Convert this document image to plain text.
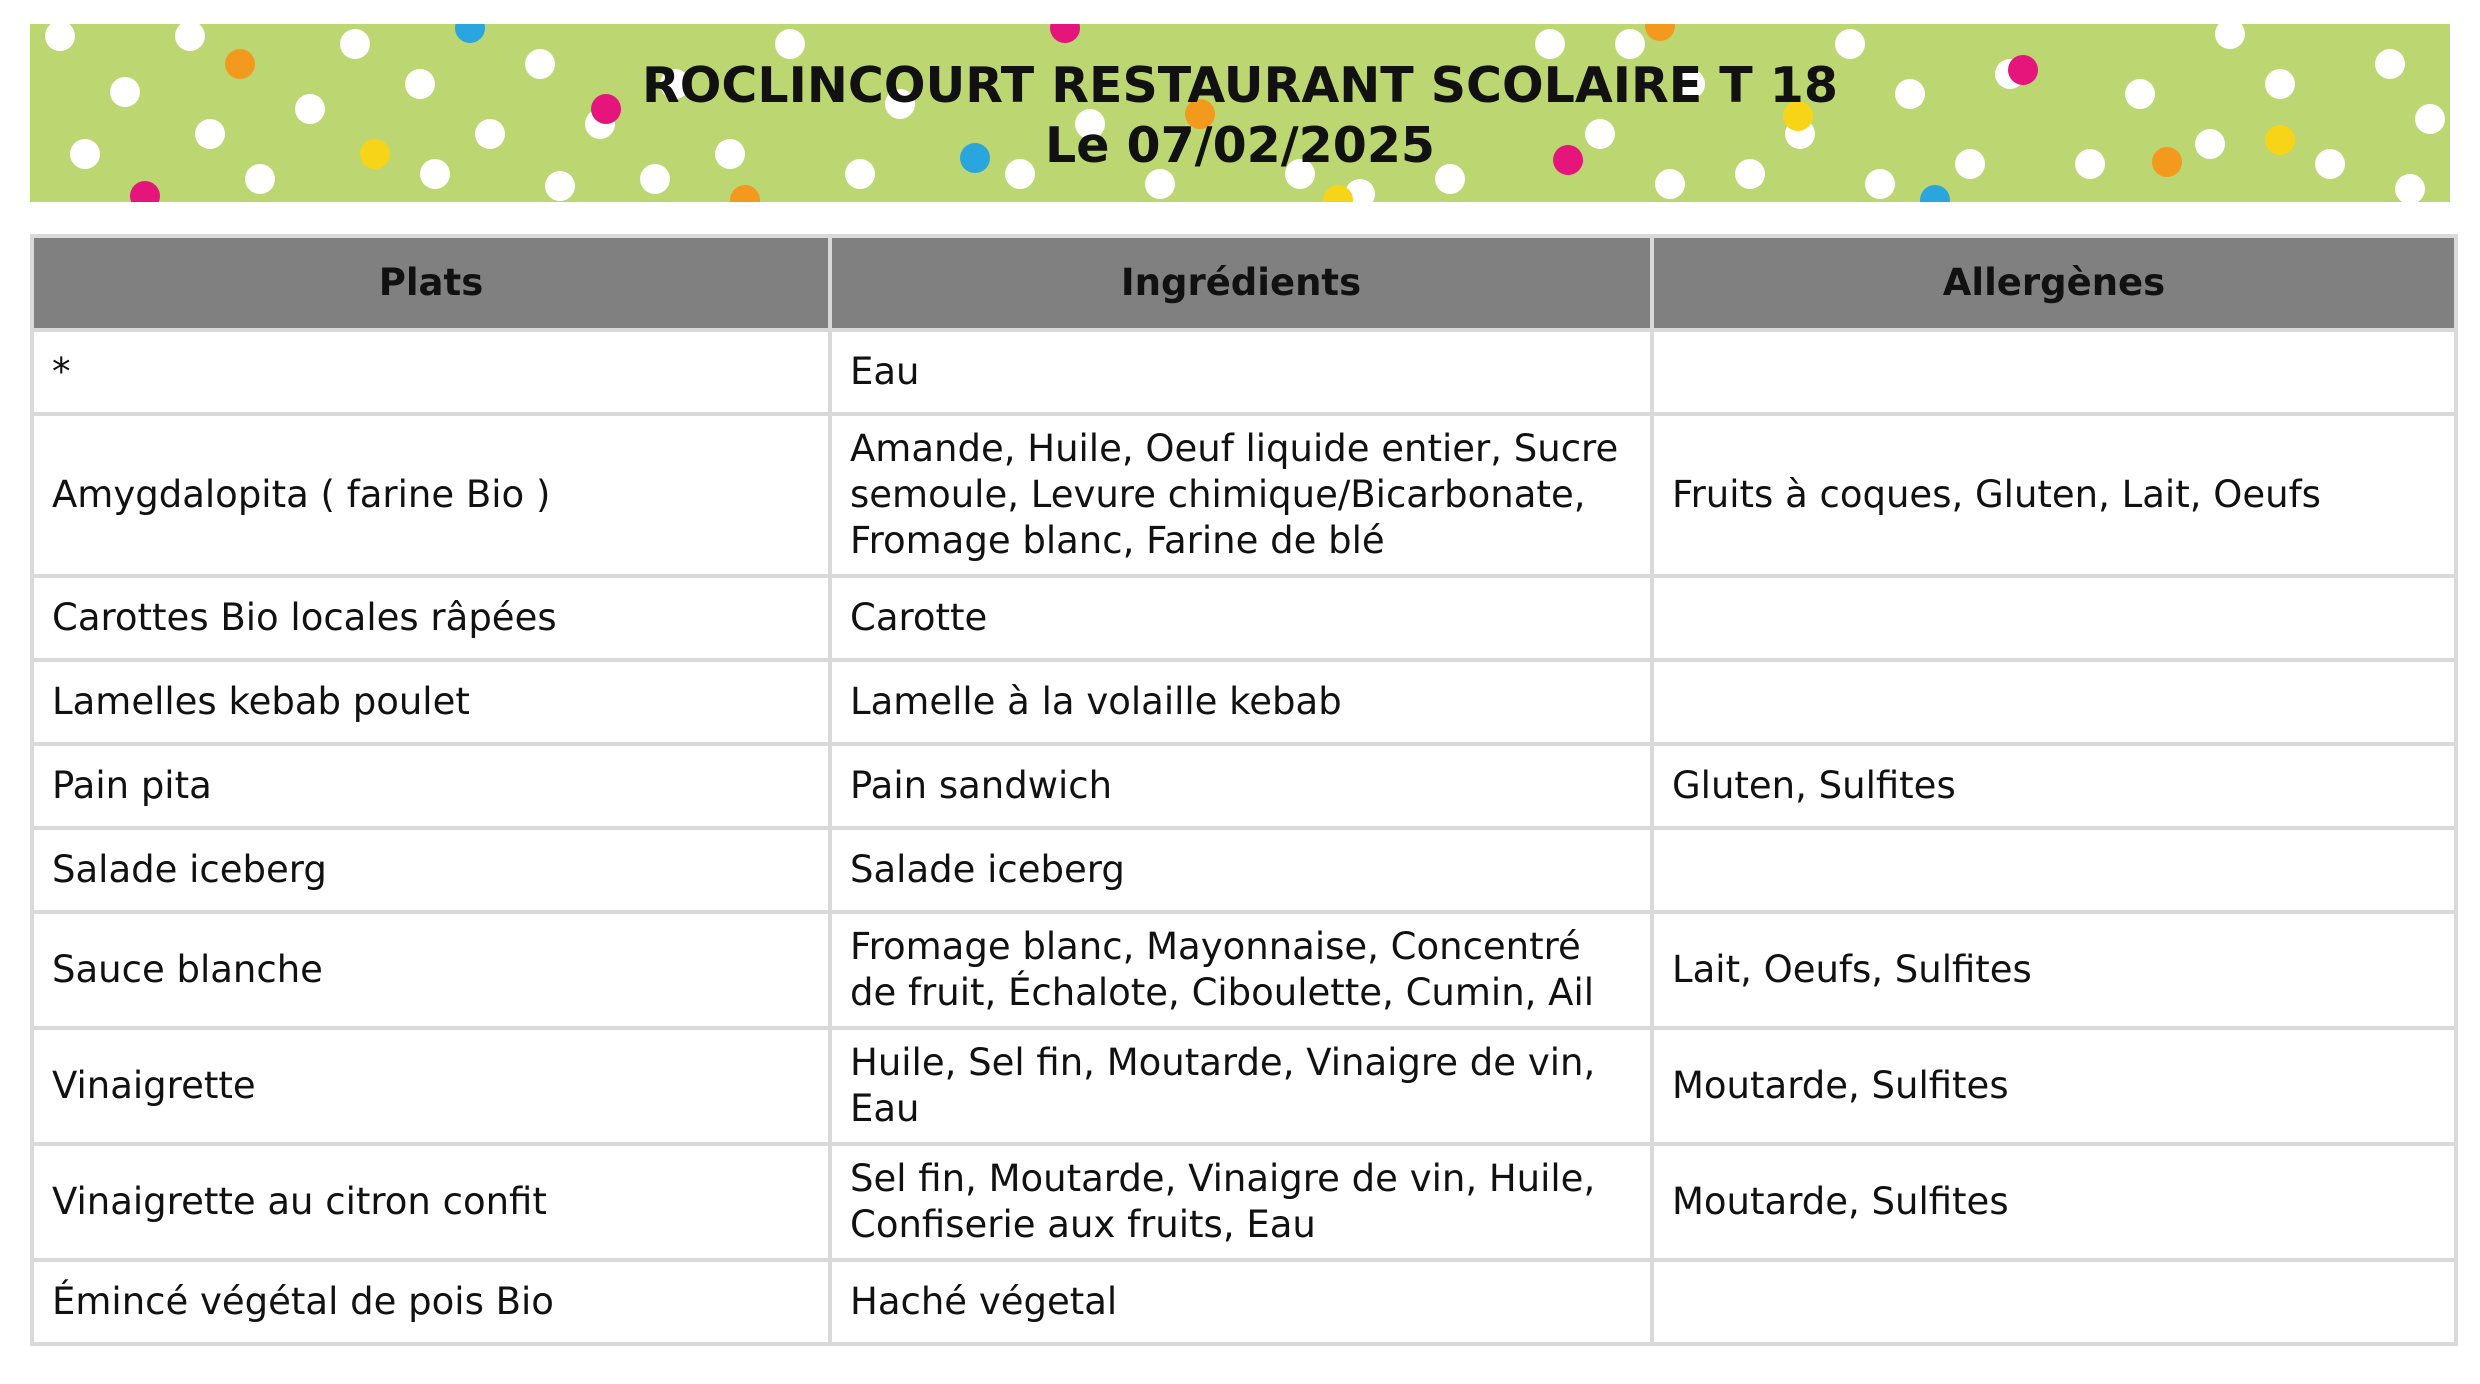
ROCLINCOURT RESTAURANT SCOLAIRE T 18
Le 07/02/2025
Plats	Ingrédients	Allergènes
*	Eau	
Amygdalopita ( farine Bio )	Amande, Huile, Oeuf liquide entier, Sucre semoule, Levure chimique/Bicarbonate, Fromage blanc, Farine de blé	Fruits à coques, Gluten, Lait, Oeufs
Carottes Bio locales râpées	Carotte	
Lamelles kebab poulet	Lamelle à la volaille kebab	
Pain pita	Pain sandwich	Gluten, Sulfites
Salade iceberg	Salade iceberg	
Sauce blanche	Fromage blanc, Mayonnaise, Concentré de fruit, Échalote, Ciboulette, Cumin, Ail	Lait, Oeufs, Sulfites
Vinaigrette	Huile, Sel fin, Moutarde, Vinaigre de vin, Eau	Moutarde, Sulfites
Vinaigrette au citron confit	Sel fin, Moutarde, Vinaigre de vin, Huile, Confiserie aux fruits, Eau	Moutarde, Sulfites
Émincé végétal de pois Bio	Haché végetal	
